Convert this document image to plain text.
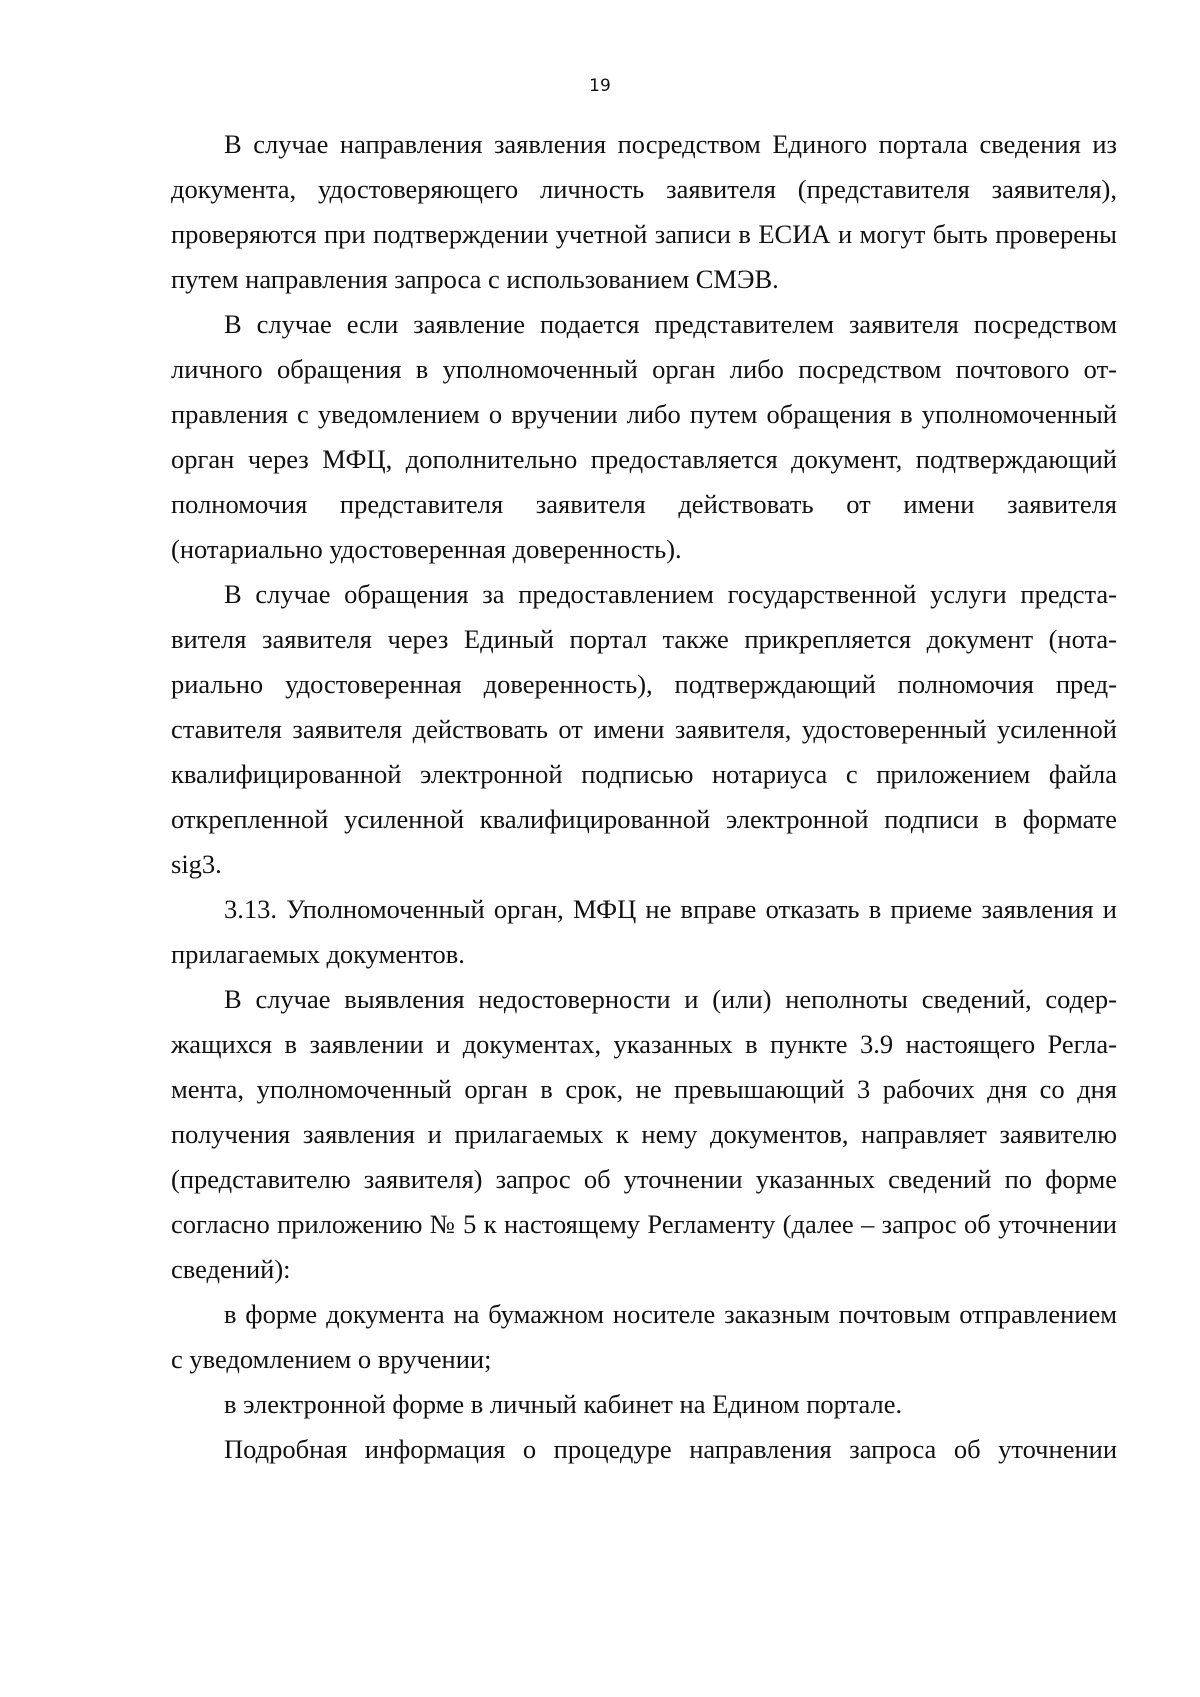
19

В случае направления заявления посредством Единого портала сведения из документа, удостоверяющего личность заявителя (представителя заявителя), проверяются при подтверждении учетной записи в ЕСИА и могут быть проверены путем направления запроса с использованием СМЭВ.

В случае если заявление подается представителем заявителя посредством личного обращения в уполномоченный орган либо посредством почтового отправления с уведомлением о вручении либо путем обращения в уполномоченный орган через МФЦ, дополнительно предоставляется документ, подтверждающий полномочия представителя заявителя действовать от имени заявителя (нотариально удостоверенная доверенность).

В случае обращения за предоставлением государственной услуги представителя заявителя через Единый портал также прикрепляется документ (нотариально удостоверенная доверенность), подтверждающий полномочия представителя заявителя действовать от имени заявителя, удостоверенный усиленной квалифицированной электронной подписью нотариуса с приложением файла открепленной усиленной квалифицированной электронной подписи в формате sig3.

3.13. Уполномоченный орган, МФЦ не вправе отказать в приеме заявления и прилагаемых документов.

В случае выявления недостоверности и (или) неполноты сведений, содержащихся в заявлении и документах, указанных в пункте 3.9 настоящего Регламента, уполномоченный орган в срок, не превышающий 3 рабочих дня со дня получения заявления и прилагаемых к нему документов, направляет заявителю (представителю заявителя) запрос об уточнении указанных сведений по форме согласно приложению № 5 к настоящему Регламенту (далее – запрос об уточнении сведений):

в форме документа на бумажном носителе заказным почтовым отправлением с уведомлением о вручении;

в электронной форме в личный кабинет на Едином портале.

Подробная информация о процедуре направления запроса об уточнении
